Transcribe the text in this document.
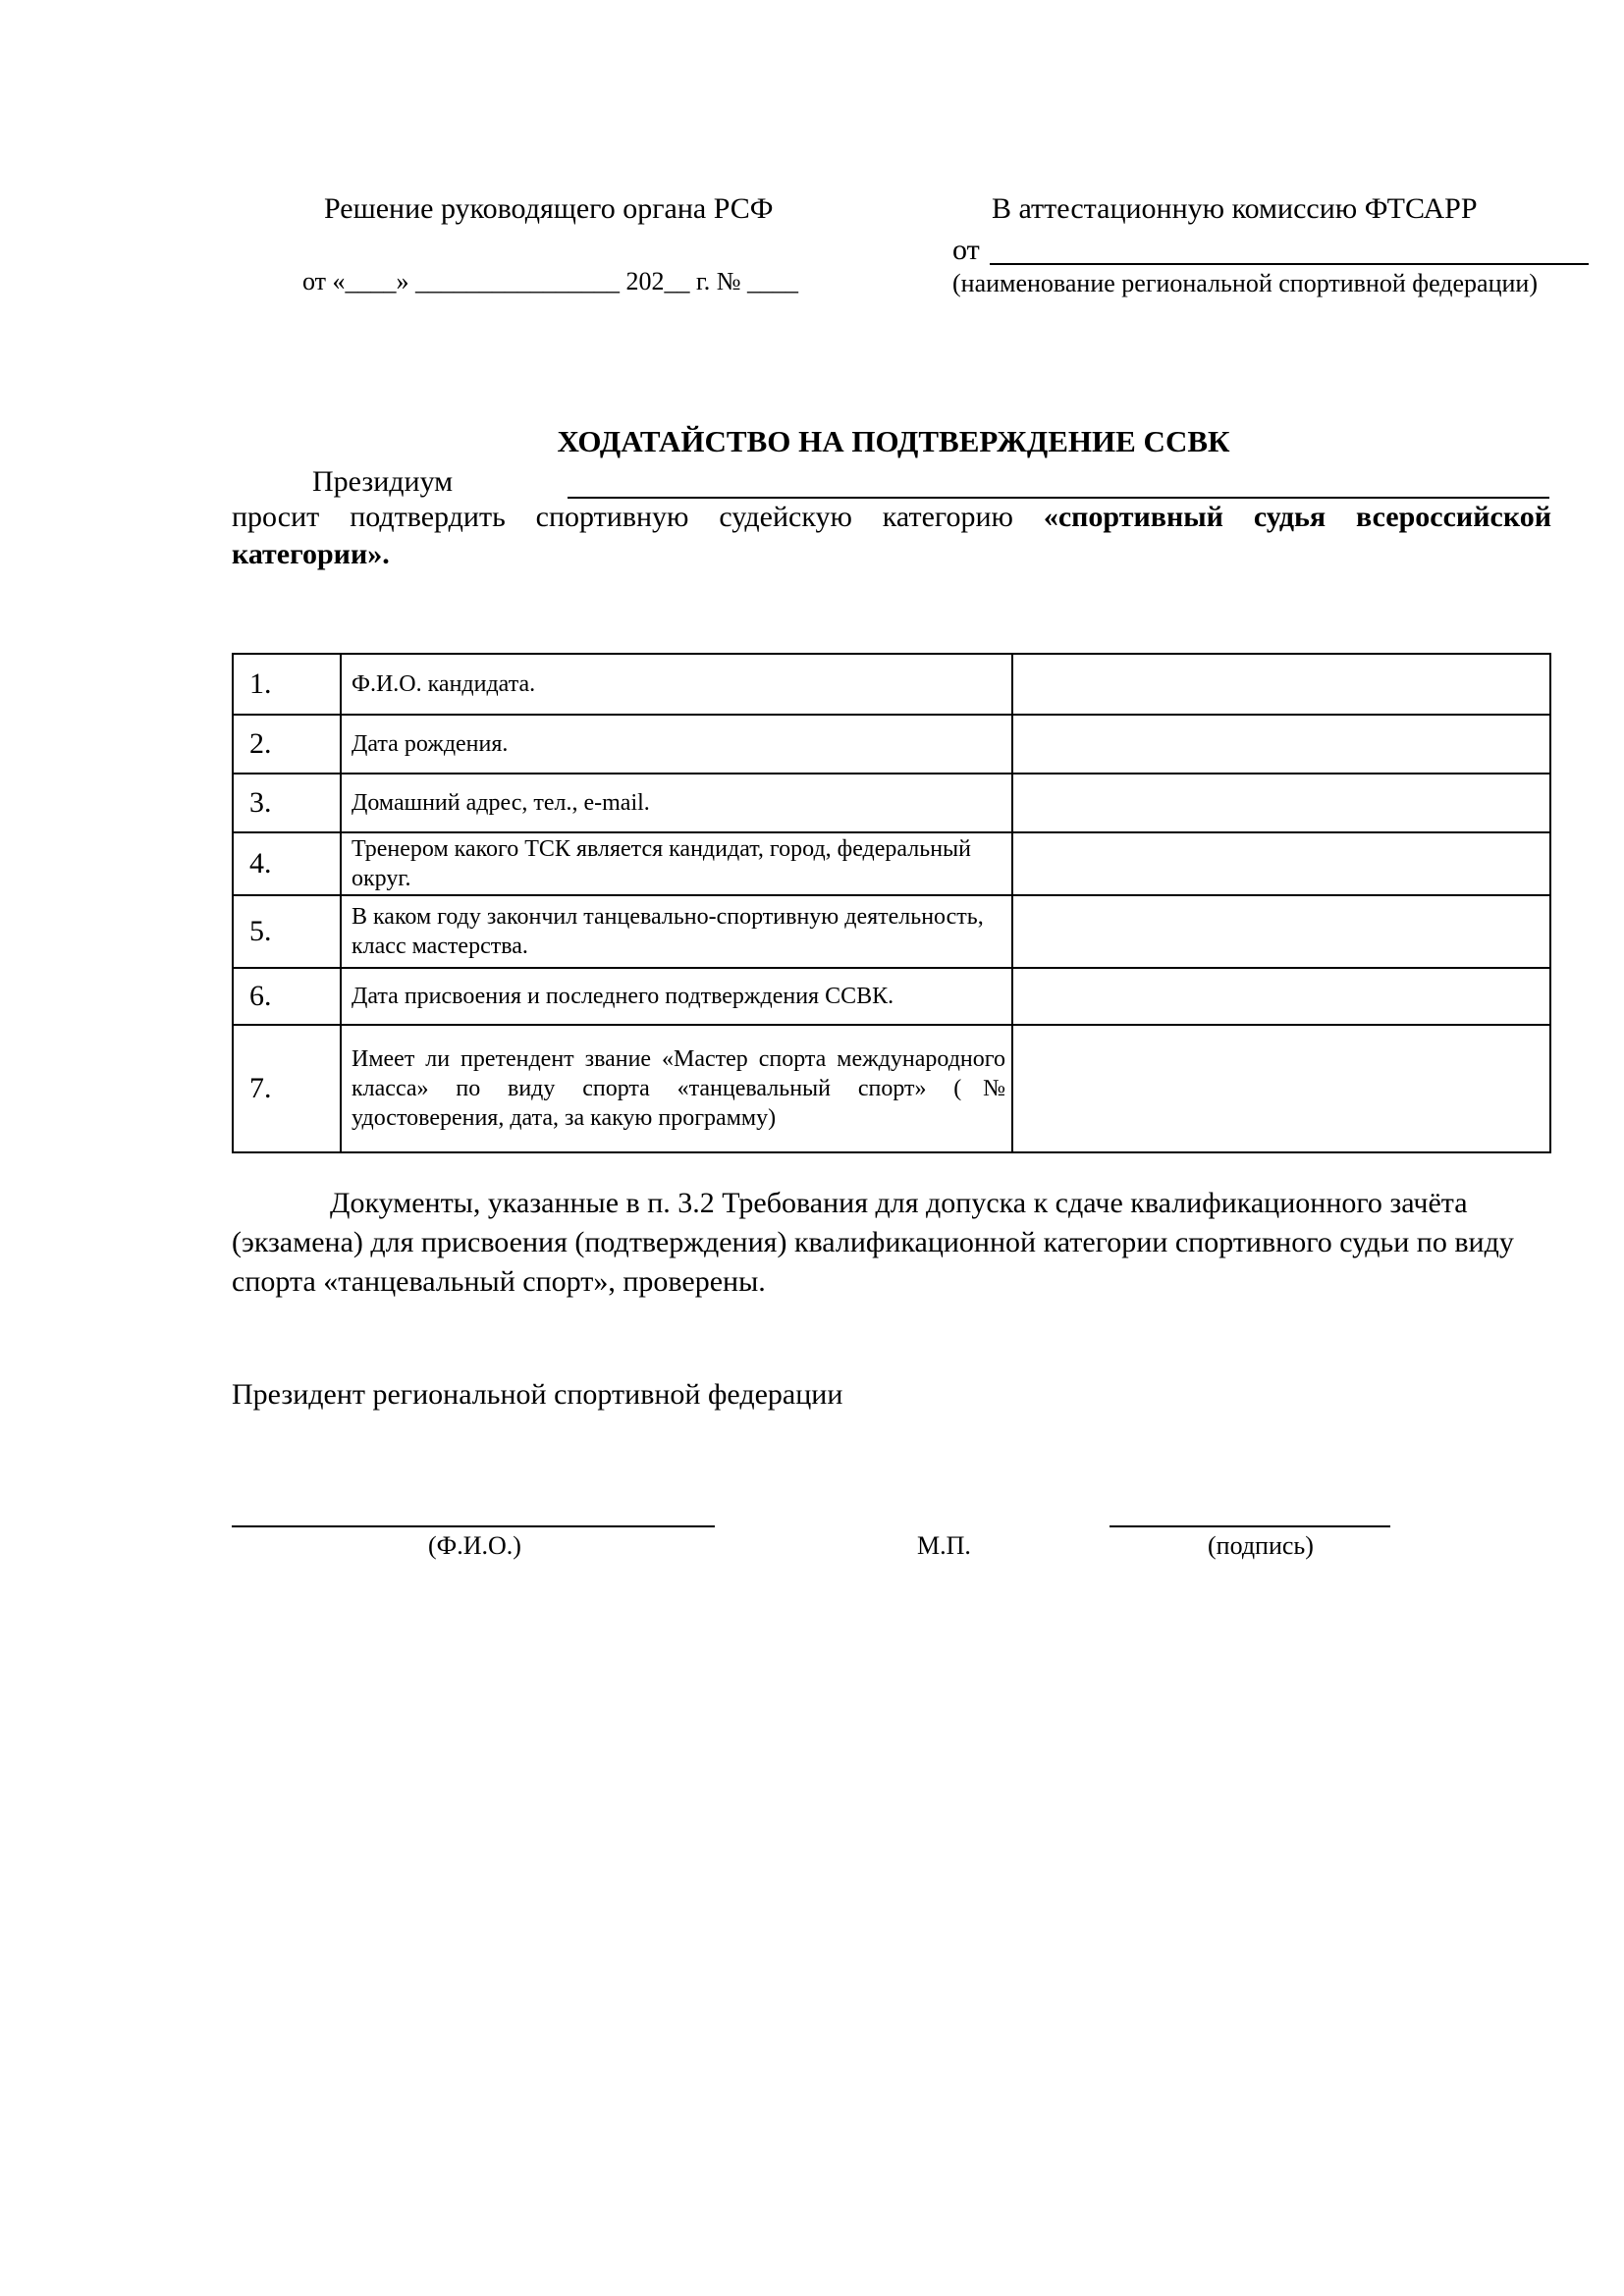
Решение руководящего органа РСФ
от «____» ________________ 202__ г. № ____
В аттестационную комиссию ФТСАРР
от
(наименование региональной спортивной федерации)
ХОДАТАЙСТВО НА ПОДТВЕРЖДЕНИЕ ССВК
Президиум
просит подтвердить спортивную судейскую категорию «спортивный судья всероссийской категории».
1.	Ф.И.О. кандидата.	
2.	Дата рождения.	
3.	Домашний адрес, тел., e-mail.	
4.	Тренером какого ТСК является кандидат, город, федеральный округ.	
5.	В каком году закончил танцевально-спортивную деятельность, класс мастерства.	
6.	Дата присвоения и последнего подтверждения ССВК.	
7.	Имеет ли претендент звание «Мастер спорта международного класса» по виду спорта «танцевальный спорт» (№ удостоверения, дата, за какую программу)	
Документы, указанные в п. 3.2 Требования для допуска к сдаче квалификационного зачёта (экзамена) для присвоения (подтверждения) квалификационной категории спортивного судьи по виду спорта «танцевальный спорт», проверены.
Президент региональной спортивной федерации
(Ф.И.О.)	М.П.	(подпись)
